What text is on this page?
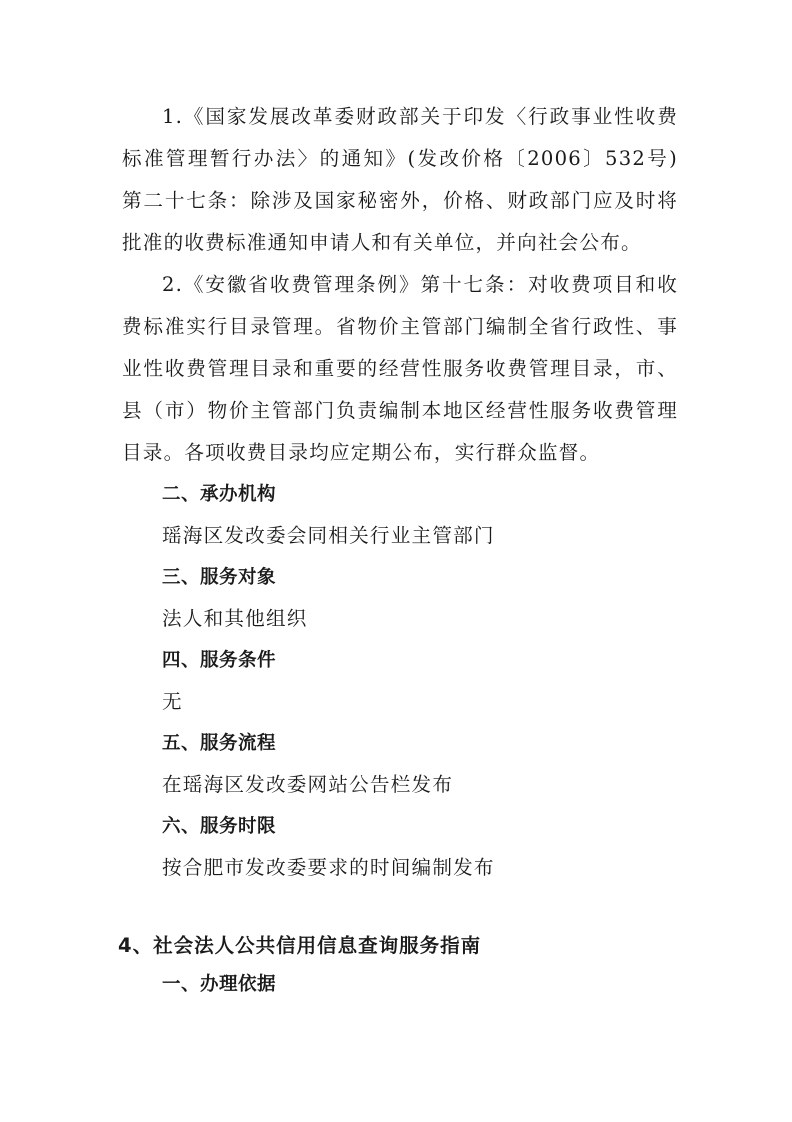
1.《国家发展改革委财政部关于印发〈行政事业性收费
标准管理暂行办法〉的通知》(发改价格〔2006〕532号)
第二十七条：除涉及国家秘密外，价格、财政部门应及时将
批准的收费标准通知申请人和有关单位，并向社会公布。
2.《安徽省收费管理条例》第十七条：对收费项目和收
费标准实行目录管理。省物价主管部门编制全省行政性、事
业性收费管理目录和重要的经营性服务收费管理目录，市、
县（市）物价主管部门负责编制本地区经营性服务收费管理
目录。各项收费目录均应定期公布，实行群众监督。
二、承办机构
瑶海区发改委会同相关行业主管部门
三、服务对象
法人和其他组织
四、服务条件
无
五、服务流程
在瑶海区发改委网站公告栏发布
六、服务时限
按合肥市发改委要求的时间编制发布
4、社会法人公共信用信息查询服务指南
一、办理依据
